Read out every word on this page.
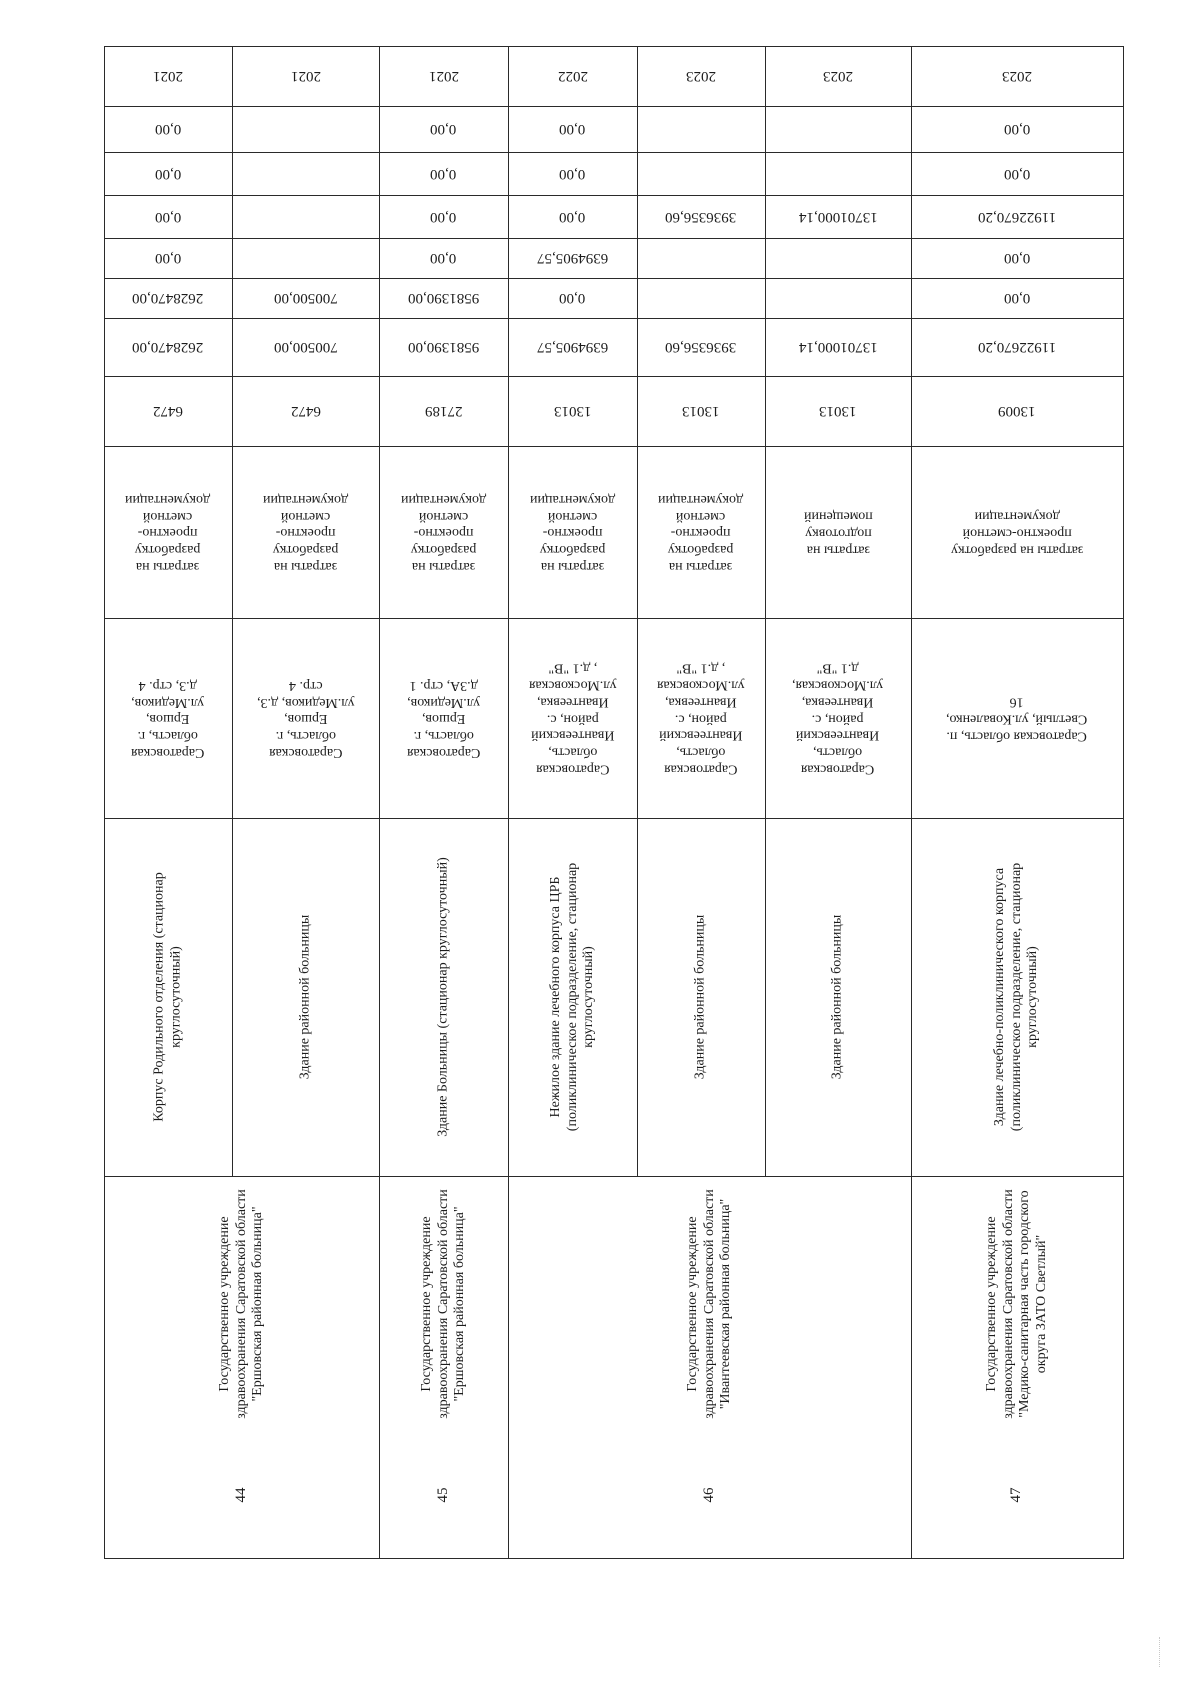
2021
0,00
0,00
0,00
0,00
2628470,00
2628470,00
6472
затраты на
разработку
проектно-
сметной
документации
Саратовская
область, г.
Ершов,
ул.Медиков,
д.3, стр. 4
Корпус Родильного отделения (стационар
круглосуточный)
2021
700500,00
700500,00
6472
затраты на
разработку
проектно-
сметной
документации
Саратовская
область, г.
Ершов,
ул.Медиков, д.3,
стр. 4
Здание районной больницы
Государственное учреждение
здравоохранения Саратовской области
"Ершовская районная больница"
44
2021
0,00
0,00
0,00
0,00
9581390,00
9581390,00
27189
затраты на
разработку
проектно-
сметной
документации
Саратовская
область, г.
Ершов,
ул.Медиков,
д.3А, стр. 1
Здание Больницы (стационар круглосуточный)
Государственное учреждение
здравоохранения Саратовской области
"Ершовская районная больница"
45
2022
0,00
0,00
0,00
6394905,57
0,00
6394905,57
13013
затраты на
разработку
проектно-
сметной
документации
Саратовская
область,
Ивантеевский
район, с.
Ивантеевка,
ул.Московская
, д.1 "В"
Нежилое здание лечебного корпуса ЦРБ
(поликлиническое подразделение, стационар
круглосуточный)
2023
3936356,60
3936356,60
13013
затраты на
разработку
проектно-
сметной
документации
Саратовская
область,
Ивантеевский
район, с.
Ивантеевка,
ул.Московская
, д.1 "В"
Здание районной больницы
2023
13701000,14
13701000,14
13013
затраты на
подготовку
помещений
Саратовская
область,
Ивантеевский
район, с.
Ивантеевка,
ул.Московская,
д.1 "В"
Здание районной больницы
Государственное учреждение
здравоохранения Саратовской области
"Ивантеевская районная больница"
46
2023
0,00
0,00
11922670,20
0,00
0,00
11922670,20
13009
затраты на разработку
проектно-сметной
документации
Саратовская область, п.
Светлый, ул.Коваленко,
16
Здание лечебно-поликлинического корпуса
(поликлиническое подразделение, стационар
круглосуточный)
Государственное учреждение
здравоохранения Саратовской области
"Медико-санитарная часть городского
округа ЗАТО Светлый"
47
